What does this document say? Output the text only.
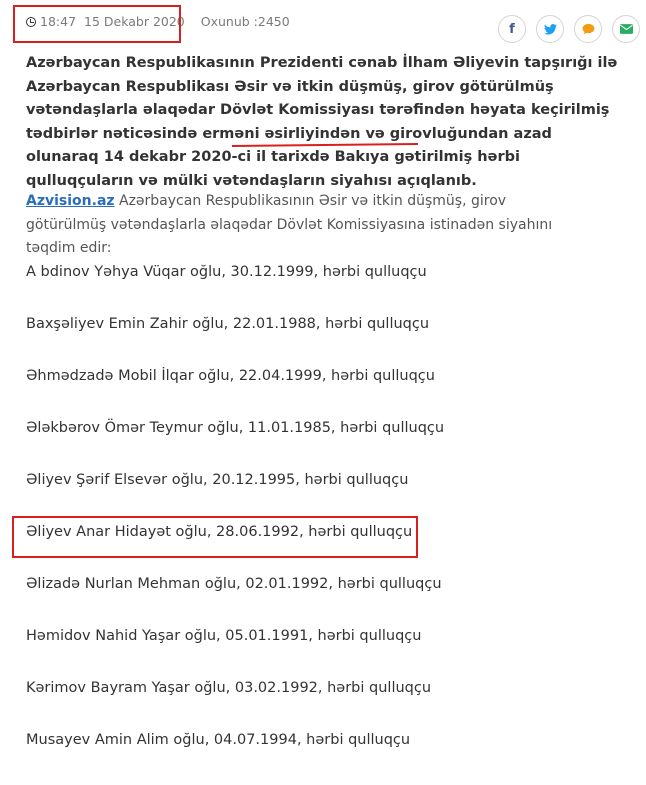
18:47 15 Dekabr 2020 Oxunub :2450	f
Azərbaycan Respublikasının Prezidenti cənab İlham Əliyevin tapşırığı ilə Azərbaycan Respublikası Əsir və itkin düşmüş, girov götürülmüş vətəndaşlarla əlaqədar Dövlət Komissiyası tərəfindən həyata keçirilmiş tədbirlər nəticəsində erməni əsirliyindən və girovluğundan azad olunaraq 14 dekabr 2020-ci il tarixdə Bakıya gətirilmiş hərbi qulluqçuların və mülki vətəndaşların siyahısı açıqlanıb.
Azvision.az Azərbaycan Respublikasının Əsir və itkin düşmüş, girov götürülmüş vətəndaşlarla əlaqədar Dövlət Komissiyasına istinadən siyahını təqdim edir:
A bdinov Yəhya Vüqar oğlu, 30.12.1999, hərbi qulluqçu
Baxşəliyev Emin Zahir oğlu, 22.01.1988, hərbi qulluqçu
Əhmədzadə Mobil İlqar oğlu, 22.04.1999, hərbi qulluqçu
Ələkbərov Ömər Teymur oğlu, 11.01.1985, hərbi qulluqçu
Əliyev Şərif Elsevər oğlu, 20.12.1995, hərbi qulluqçu
Əliyev Anar Hidayət oğlu, 28.06.1992, hərbi qulluqçu
Əlizadə Nurlan Mehman oğlu, 02.01.1992, hərbi qulluqçu
Həmidov Nahid Yaşar oğlu, 05.01.1991, hərbi qulluqçu
Kərimov Bayram Yaşar oğlu, 03.02.1992, hərbi qulluqçu
Musayev Amin Alim oğlu, 04.07.1994, hərbi qulluqçu
